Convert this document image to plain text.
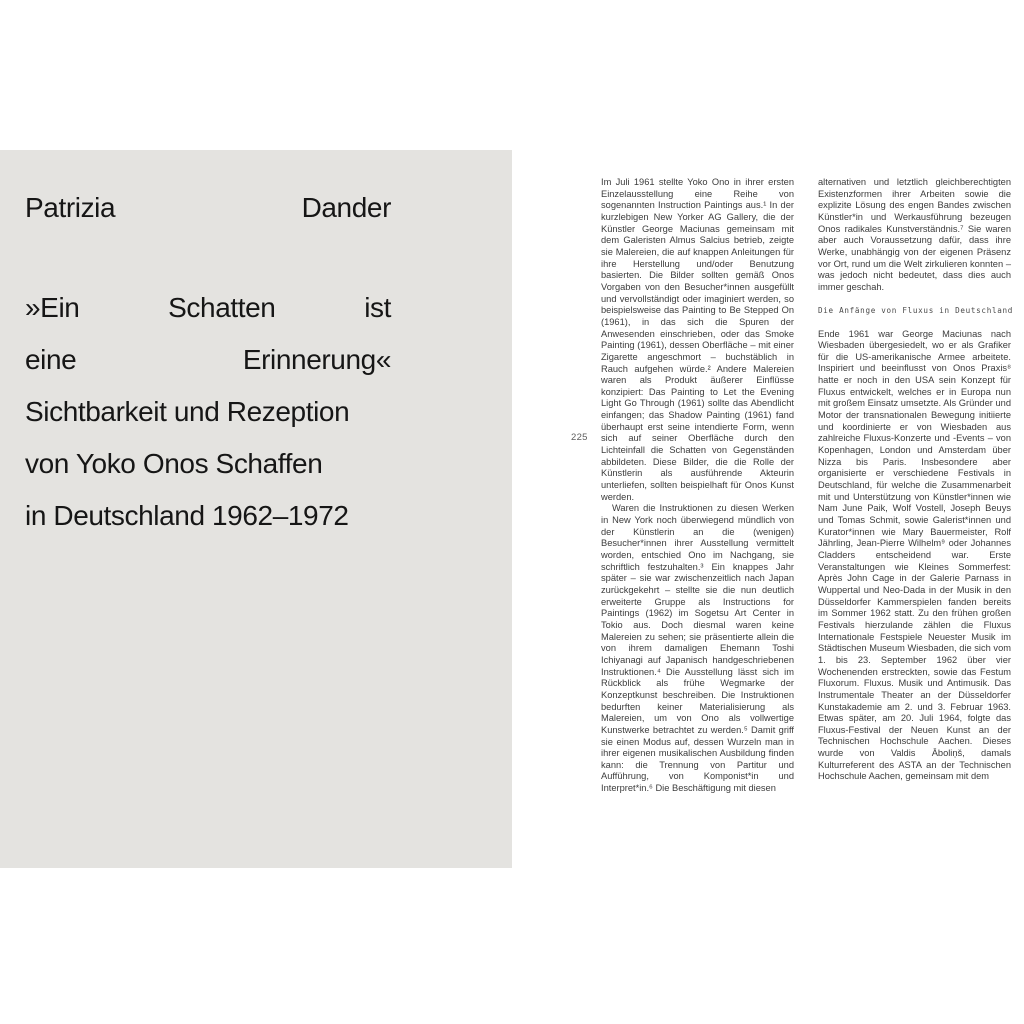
Patrizia	Dander
»Ein	Schatten	ist
eine	Erinnerung«
Sichtbarkeit und Rezeption
von Yoko Onos Schaffen
in Deutschland 1962–1972
225

Im Juli 1961 stellte Yoko Ono in ihrer ersten Einzelausstellung eine Reihe von sogenannten Instruction Paintings aus.¹ In der kurzlebigen New Yorker AG Gallery, die der Künstler George Maciunas gemeinsam mit dem Galeristen Almus Salcius betrieb, zeigte sie Malereien, die auf knappen Anleitungen für ihre Herstellung und/oder Benutzung basierten. Die Bilder sollten gemäß Onos Vorgaben von den Besucher*innen ausgefüllt und vervollständigt oder imaginiert werden, so beispielsweise das Painting to Be Stepped On (1961), in das sich die Spuren der Anwesenden einschrieben, oder das Smoke Painting (1961), dessen Oberfläche – mit einer Zigarette angeschmort – buchstäblich in Rauch aufgehen würde.² Andere Malereien waren als Produkt äußerer Einflüsse konzipiert: Das Painting to Let the Evening Light Go Through (1961) sollte das Abendlicht einfangen; das Shadow Painting (1961) fand überhaupt erst seine intendierte Form, wenn sich auf seiner Oberfläche durch den Lichteinfall die Schatten von Gegenständen abbildeten. Diese Bilder, die die Rolle der Künstlerin als ausführende Akteurin unterliefen, sollten beispielhaft für Onos Kunst werden.

Waren die Instruktionen zu diesen Werken in New York noch überwiegend mündlich von der Künstlerin an die (wenigen) Besucher*innen ihrer Ausstellung vermittelt worden, entschied Ono im Nachgang, sie schriftlich festzuhalten.³ Ein knappes Jahr später – sie war zwischenzeitlich nach Japan zurückgekehrt – stellte sie die nun deutlich erweiterte Gruppe als Instructions for Paintings (1962) im Sogetsu Art Center in Tokio aus. Doch diesmal waren keine Malereien zu sehen; sie präsentierte allein die von ihrem damaligen Ehemann Toshi Ichiyanagi auf Japanisch handgeschriebenen Instruktionen.⁴ Die Ausstellung lässt sich im Rückblick als frühe Wegmarke der Konzeptkunst beschreiben. Die Instruktionen bedurften keiner Materialisierung als Malereien, um von Ono als vollwertige Kunstwerke betrachtet zu werden.⁵ Damit griff sie einen Modus auf, dessen Wurzeln man in ihrer eigenen musikalischen Ausbildung finden kann: die Trennung von Partitur und Aufführung, von Komponist*in und Interpret*in.⁶ Die Beschäftigung mit diesen

alternativen und letztlich gleichberechtigten Existenzformen ihrer Arbeiten sowie die explizite Lösung des engen Bandes zwischen Künstler*in und Werkausführung bezeugen Onos radikales Kunstverständnis.⁷ Sie waren aber auch Voraussetzung dafür, dass ihre Werke, unabhängig von der eigenen Präsenz vor Ort, rund um die Welt zirkulieren konnten – was jedoch nicht bedeutet, dass dies auch immer geschah.

Die Anfänge von Fluxus in Deutschland

Ende 1961 war George Maciunas nach Wiesbaden übergesiedelt, wo er als Grafiker für die US-amerikanische Armee arbeitete. Inspiriert und beeinflusst von Onos Praxis⁸ hatte er noch in den USA sein Konzept für Fluxus entwickelt, welches er in Europa nun mit großem Einsatz umsetzte. Als Gründer und Motor der transnationalen Bewegung initiierte und koordinierte er von Wiesbaden aus zahlreiche Fluxus-Konzerte und -Events – von Kopenhagen, London und Amsterdam über Nizza bis Paris. Insbesondere aber organisierte er verschiedene Festivals in Deutschland, für welche die Zusammenarbeit mit und Unterstützung von Künstler*innen wie Nam June Paik, Wolf Vostell, Joseph Beuys und Tomas Schmit, sowie Galerist*innen und Kurator*innen wie Mary Bauermeister, Rolf Jährling, Jean-Pierre Wilhelm⁹ oder Johannes Cladders entscheidend war. Erste Veranstaltungen wie Kleines Sommerfest: Après John Cage in der Galerie Parnass in Wuppertal und Neo-Dada in der Musik in den Düsseldorfer Kammerspielen fanden bereits im Sommer 1962 statt. Zu den frühen großen Festivals hierzulande zählen die Fluxus Internationale Festspiele Neuester Musik im Städtischen Museum Wiesbaden, die sich vom 1. bis 23. September 1962 über vier Wochenenden erstreckten, sowie das Festum Fluxorum. Fluxus. Musik und Antimusik. Das Instrumentale Theater an der Düsseldorfer Kunstakademie am 2. und 3. Februar 1963. Etwas später, am 20. Juli 1964, folgte das Fluxus-Festival der Neuen Kunst an der Technischen Hochschule Aachen. Dieses wurde von Valdis Āboliņš, damals Kulturreferent des ASTA an der Technischen Hochschule Aachen, gemeinsam mit dem
